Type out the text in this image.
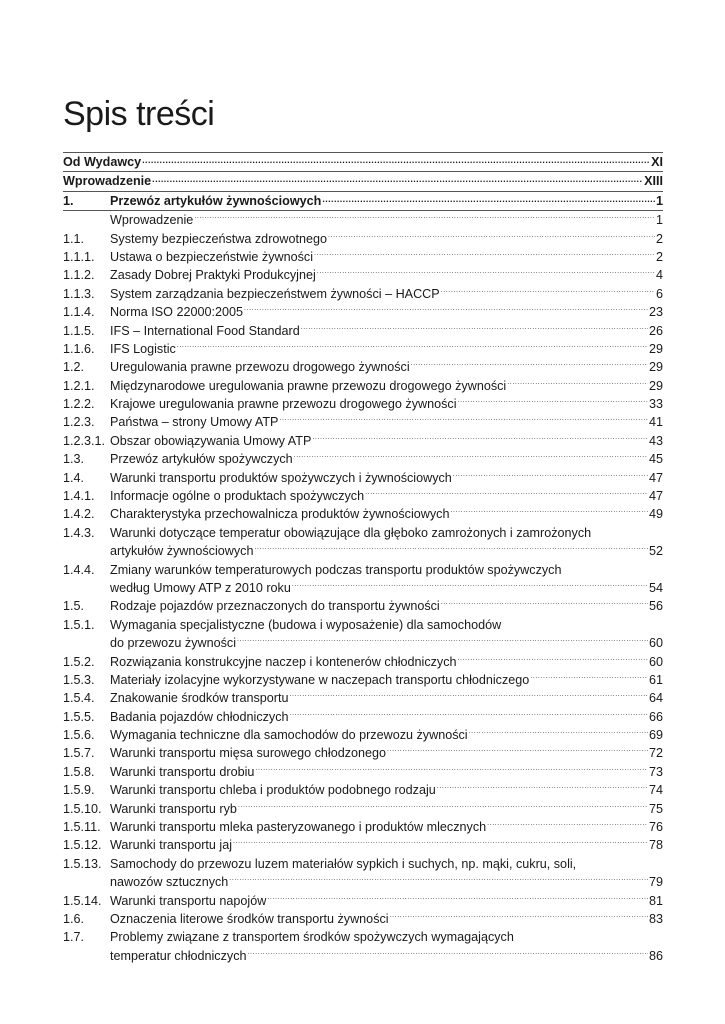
Spis treści
Od Wydawcy .....	XI
Wprowadzenie .....	XIII
1.	Przewóz artykułów żywnościowych .....	1
Wprowadzenie .....	1
1.1.	Systemy bezpieczeństwa zdrowotnego .....	2
1.1.1.	Ustawa o bezpieczeństwie żywności .....	2
1.1.2.	Zasady Dobrej Praktyki Produkcyjnej .....	4
1.1.3.	System zarządzania bezpieczeństwem żywności – HACCP .....	6
1.1.4.	Norma ISO 22000:2005 .....	23
1.1.5.	IFS – International Food Standard .....	26
1.1.6.	IFS Logistic .....	29
1.2.	Uregulowania prawne przewozu drogowego żywności .....	29
1.2.1.	Międzynarodowe uregulowania prawne przewozu drogowego żywności .....	29
1.2.2.	Krajowe uregulowania prawne przewozu drogowego żywności .....	33
1.2.3.	Państwa – strony Umowy ATP .....	41
1.2.3.1. Obszar obowiązywania Umowy ATP .....	43
1.3.	Przewóz artykułów spożywczych .....	45
1.4.	Warunki transportu produktów spożywczych i żywnościowych .....	47
1.4.1.	Informacje ogólne o produktach spożywczych .....	47
1.4.2.	Charakterystyka przechowalnicza produktów żywnościowych .....	49
1.4.3.	Warunki dotyczące temperatur obowiązujące dla głęboko zamrożonych i zamrożonych
artykułów żywnościowych .....	52
1.4.4.	Zmiany warunków temperaturowych podczas transportu produktów spożywczych
według Umowy ATP z 2010 roku .....	54
1.5.	Rodzaje pojazdów przeznaczonych do transportu żywności .....	56
1.5.1.	Wymagania specjalistyczne (budowa i wyposażenie) dla samochodów
do przewozu żywności .....	60
1.5.2.	Rozwiązania konstrukcyjne naczep i kontenerów chłodniczych .....	60
1.5.3.	Materiały izolacyjne wykorzystywane w naczepach transportu chłodniczego .....	61
1.5.4.	Znakowanie środków transportu .....	64
1.5.5.	Badania pojazdów chłodniczych .....	66
1.5.6.	Wymagania techniczne dla samochodów do przewozu żywności .....	69
1.5.7.	Warunki transportu mięsa surowego chłodzonego .....	72
1.5.8.	Warunki transportu drobiu .....	73
1.5.9.	Warunki transportu chleba i produktów podobnego rodzaju .....	74
1.5.10. Warunki transportu ryb .....	75
1.5.11. Warunki transportu mleka pasteryzowanego i produktów mlecznych .....	76
1.5.12. Warunki transportu jaj .....	78
1.5.13. Samochody do przewozu luzem materiałów sypkich i suchych, np. mąki, cukru, soli,
nawozów sztucznych .....	79
1.5.14. Warunki transportu napojów .....	81
1.6.	Oznaczenia literowe środków transportu żywności .....	83
1.7.	Problemy związane z transportem środków spożywczych wymagających
temperatur chłodniczych .....	86
